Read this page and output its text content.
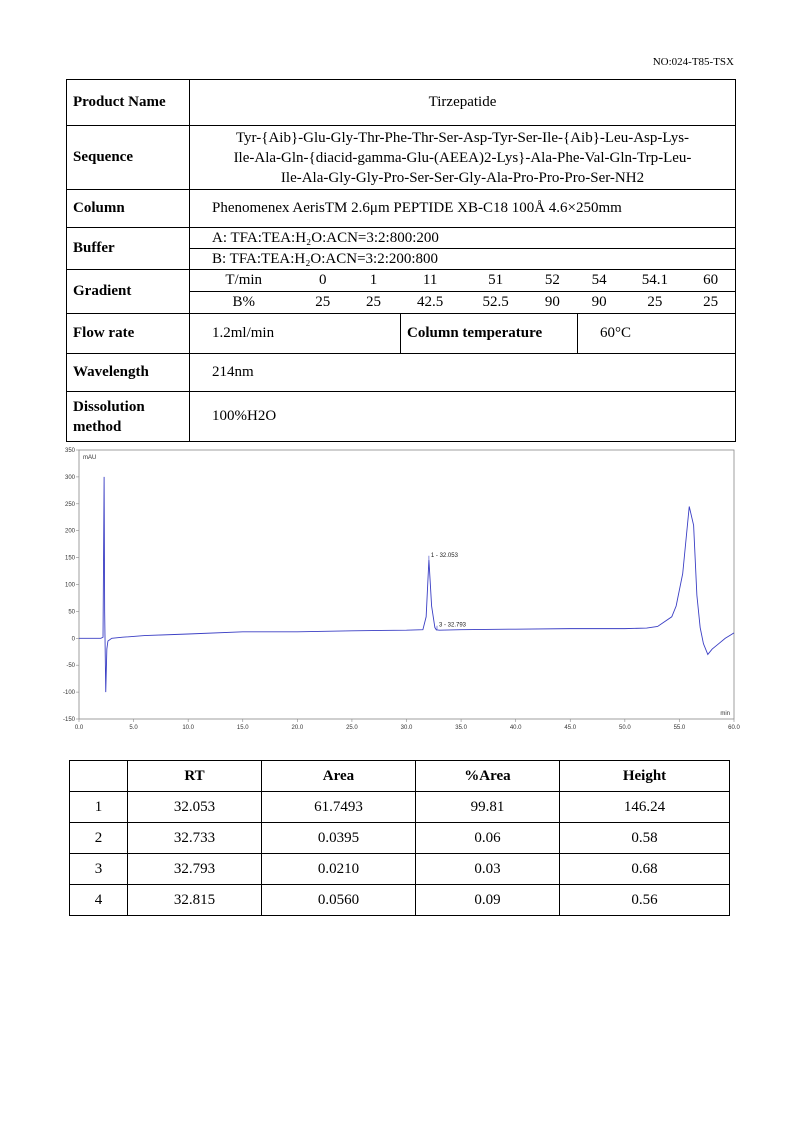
NO:024-T85-TSX
Product Name	Tirzepatide
Sequence	
Tyr-{Aib}-Glu-Gly-Thr-Phe-Thr-Ser-Asp-Tyr-Ser-Ile-{Aib}-Leu-Asp-Lys-
Ile-Ala-Gln-{diacid-gamma-Glu-(AEEA)2-Lys}-Ala-Phe-Val-Gln-Trp-Leu-
Ile-Ala-Gly-Gly-Pro-Ser-Ser-Gly-Ala-Pro-Pro-Pro-Ser-NH2

Column	Phenomenex AerisTM 2.6μm PEPTIDE XB-C18 100Å 4.6×250mm
Buffer	
A: TFA:TEA:H₂O:ACN=3:2:800:200
B: TFA:TEA:H₂O:ACN=3:2:200:800

Gradient	
T/min	0	1	11	51	52	54	54.1	60
B%	25	25	42.5	52.5	90	90	25	25

Flow rate	1.2ml/min	Column temperature	60°C
Wavelength	214nm

Dissolution
method
	100%H2O
350
300
250
200
150
100
50
0
-50
-100
-150
0.0	5.0	10.0	15.0	20.0	25.0	30.0	35.0	40.0	45.0	50.0	55.0	60.0
mAU
min
1 - 32.053
3 - 32.793
	RT	Area	%Area	Height
1	32.053	61.7493	99.81	146.24
2	32.733	0.0395	0.06	0.58
3	32.793	0.0210	0.03	0.68
4	32.815	0.0560	0.09	0.56
